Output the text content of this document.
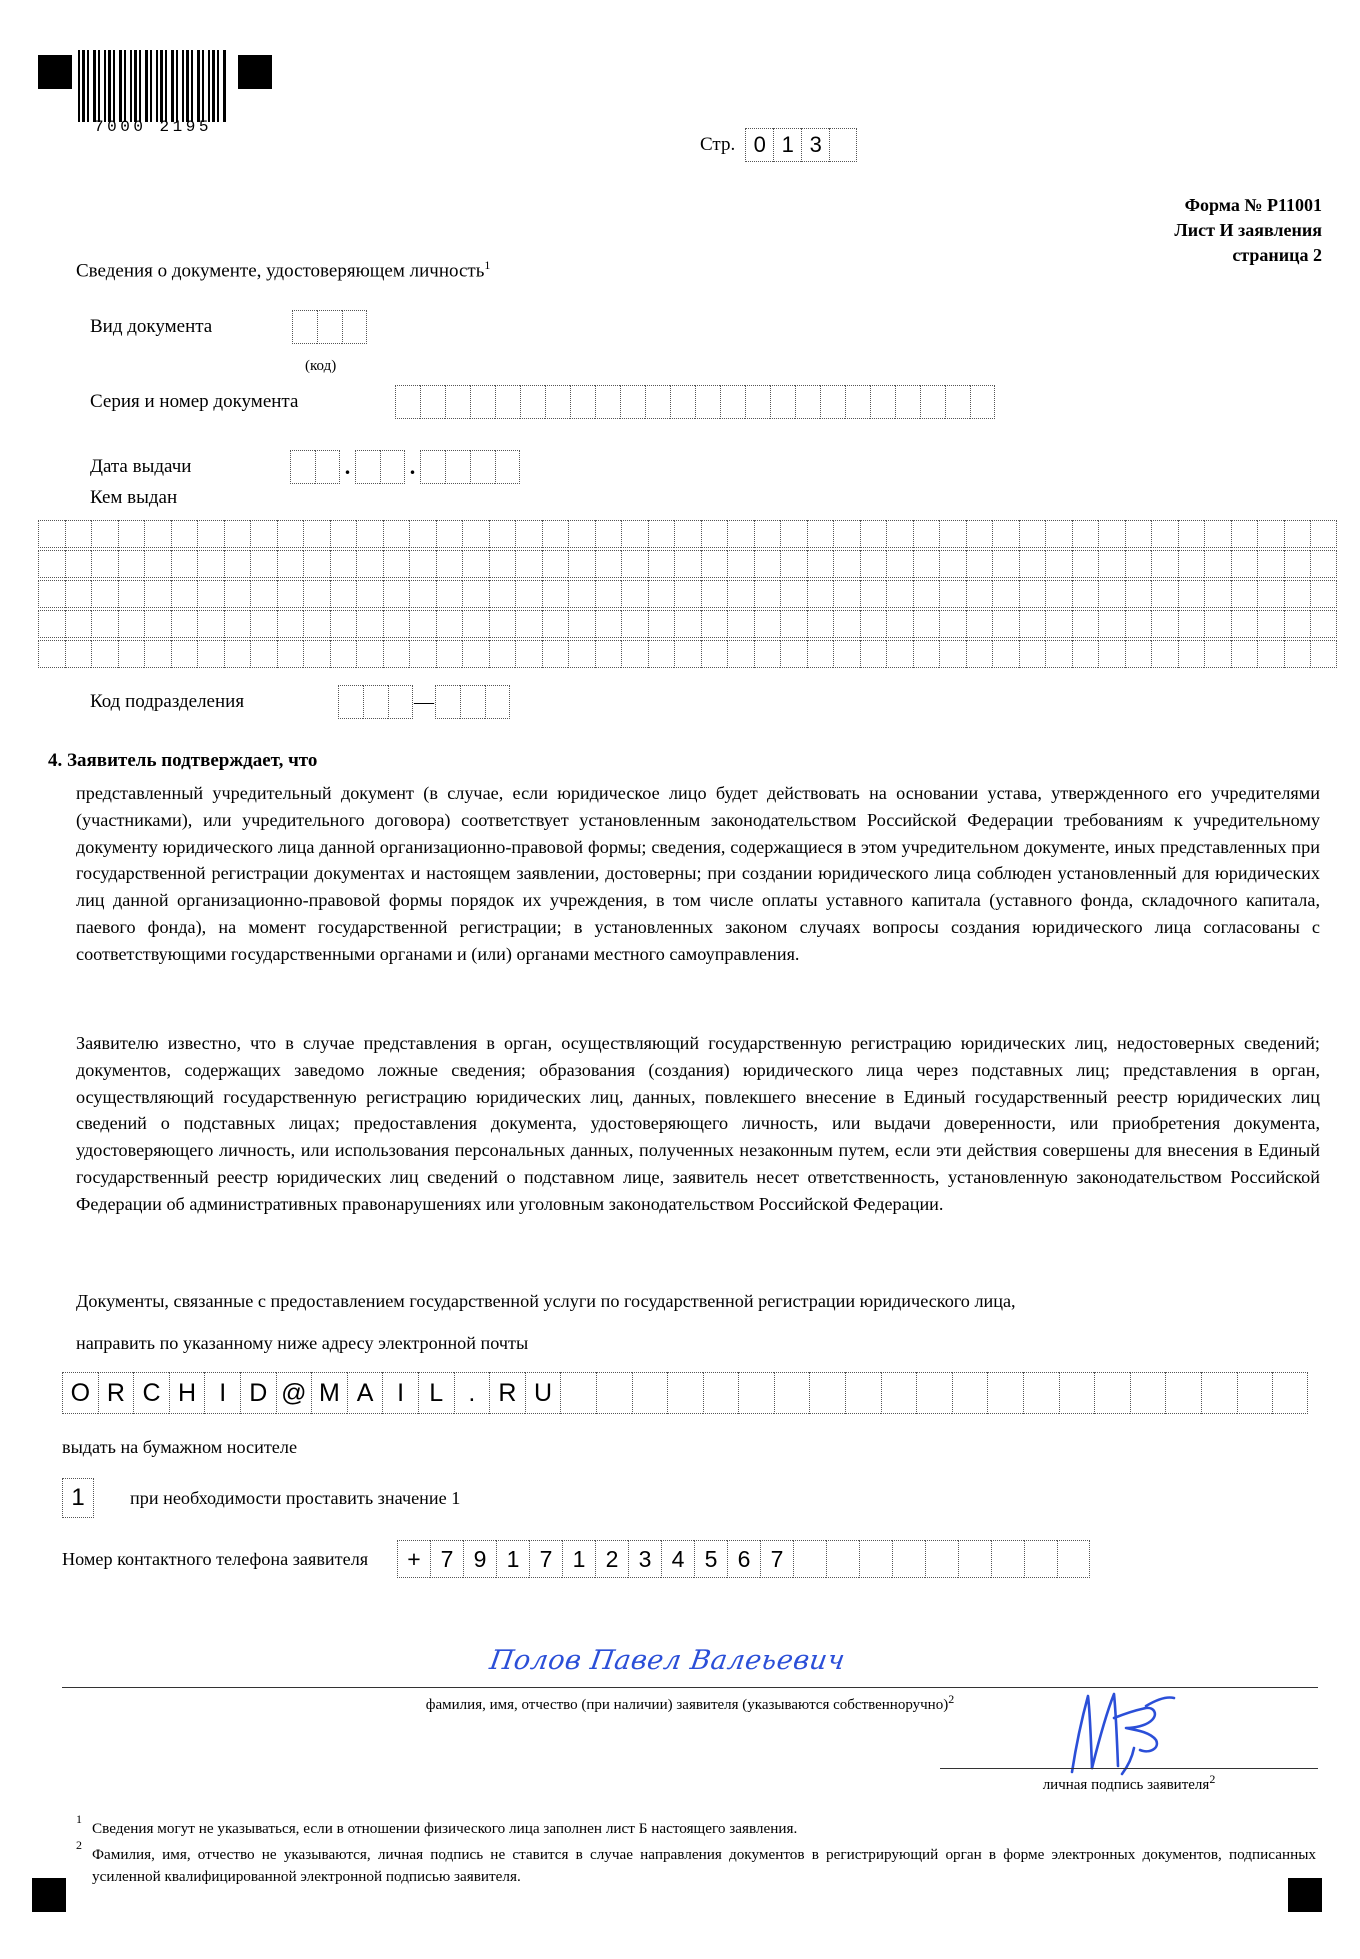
7000 2195
Стр. 0 1 3
Форма № Р11001
Лист И заявления
страница 2
Сведения о документе, удостоверяющем личность$^1$
Вид документа
(код)
Серия и номер документа
Дата выдачи	.	.
Кем выдан
Код подразделения	—
4. Заявитель подтверждает, что
представленный учредительный документ (в случае, если юридическое лицо будет действовать на основании устава, утвержденного его учредителями (участниками), или учредительного договора) соответствует установленным законодательством Российской Федерации требованиям к учредительному документу юридического лица данной организационно-правовой формы; сведения, содержащиеся в этом учредительном документе, иных представленных при государственной регистрации документах и настоящем заявлении, достоверны; при создании юридического лица соблюден установленный для юридических лиц данной организационно-правовой формы порядок их учреждения, в том числе оплаты уставного капитала (уставного фонда, складочного капитала, паевого фонда), на момент государственной регистрации; в установленных законом случаях вопросы создания юридического лица согласованы с соответствующими государственными органами и (или) органами местного самоуправления.
Заявителю известно, что в случае представления в орган, осуществляющий государственную регистрацию юридических лиц, недостоверных сведений; документов, содержащих заведомо ложные сведения; образования (создания) юридического лица через подставных лиц; представления в орган, осуществляющий государственную регистрацию юридических лиц, данных, повлекшего внесение в Единый государственный реестр юридических лиц сведений о подставных лицах; предоставления документа, удостоверяющего личность, или выдачи доверенности, или приобретения документа, удостоверяющего личность, или использования персональных данных, полученных незаконным путем, если эти действия совершены для внесения в Единый государственный реестр юридических лиц сведений о подставном лице, заявитель несет ответственность, установленную законодательством Российской Федерации об административных правонарушениях или уголовным законодательством Российской Федерации.
Документы, связанные с предоставлением государственной услуги по государственной регистрации юридического лица,
направить по указанному ниже адресу электронной почты
O R C H I D @ M A I	L	. R U
выдать на бумажном носителе
1	при необходимости проставить значение 1
Номер контактного телефона заявителя	+ 7 9 1 7 1 2 3 4 5 6 7
Полов Павел Валеьевич
фамилия, имя, отчество (при наличии) заявителя (указываются собственноручно)$^2$
личная подпись заявителя$^2$
1
Сведения могут не указываться, если в отношении физического лица заполнен лист Б настоящего заявления.
2
Фамилия, имя, отчество не указываются, личная подпись не ставится в случае направления документов в регистрирующий орган в форме электронных документов, подписанных усиленной квалифицированной электронной подписью заявителя.
